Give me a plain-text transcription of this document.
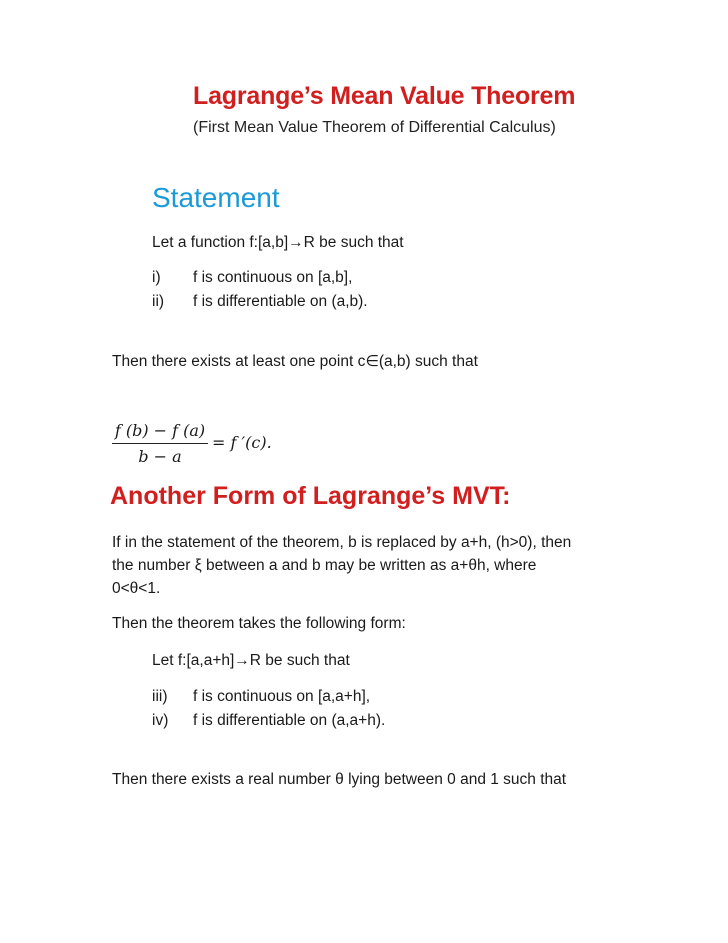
Lagrange’s Mean Value Theorem
(First Mean Value Theorem of Differential Calculus)
Statement
Let a function f:[a,b]→R be such that
i) f is continuous on [a,b],
ii) f is differentiable on (a,b).
Then there exists at least one point c∈(a,b) such that
f (b) − f (a)
b − a
= f ′(c).
Another Form of Lagrange’s MVT:
If in the statement of the theorem, b is replaced by a+h, (h>0), then
the number ξ between a and b may be written as a+θh, where
0<θ<1.
Then the theorem takes the following form:
Let f:[a,a+h]→R be such that
iii) f is continuous on [a,a+h],
iv) f is differentiable on (a,a+h).
Then there exists a real number θ lying between 0 and 1 such that
